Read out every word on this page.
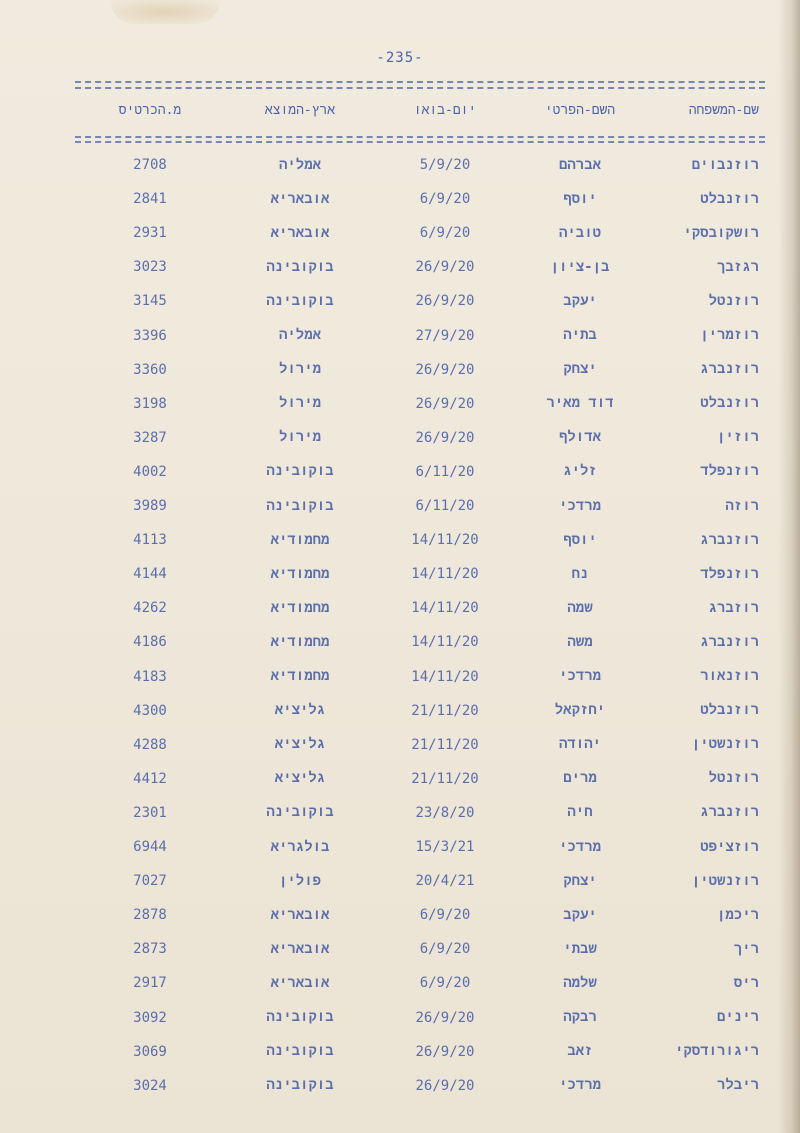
-235-
שם-המשפחה
השם-הפרטי
יום-בואו
ארץ-המוצא
מ.הכרטיס
רוזנבוים
אברהם
5/9/20
אמליה
2708
רוזנבלט
יוסף
6/9/20
אובאריא
2841
רושקובסקי
טוביה
6/9/20
אובאריא
2931
רגזבך
בן-ציון
26/9/20
בוקובינה
3023
רוזנטל
יעקב
26/9/20
בוקובינה
3145
רוזמרין
בתיה
27/9/20
אמליה
3396
רוזנברג
יצחק
26/9/20
מירול
3360
רוזנבלט
דוד מאיר
26/9/20
מירול
3198
רוזין
אדולף
26/9/20
מירול
3287
רוזנפלד
זליג
6/11/20
בוקובינה
4002
רוזה
מרדכי
6/11/20
בוקובינה
3989
רוזנברג
יוסף
14/11/20
מחמודיא
4113
רוזנפלד
נח
14/11/20
מחמודיא
4144
רוזברג
שמה
14/11/20
מחמודיא
4262
רוזנברג
משה
14/11/20
מחמודיא
4186
רוזנאור
מרדכי
14/11/20
מחמודיא
4183
רוזנבלט
יחזקאל
21/11/20
גליציא
4300
רוזנשטין
יהודה
21/11/20
גליציא
4288
רוזנטל
מרים
21/11/20
גליציא
4412
רוזנברג
חיה
23/8/20
בוקובינה
2301
רוזציפט
מרדכי
15/3/21
בולגריא
6944
רוזנשטין
יצחק
20/4/21
פולין
7027
ריכמן
יעקב
6/9/20
אובאריא
2878
ריך
שבתי
6/9/20
אובאריא
2873
ריס
שלמה
6/9/20
אובאריא
2917
רינים
רבקה
26/9/20
בוקובינה
3092
ריגורודסקי
זאב
26/9/20
בוקובינה
3069
ריבלר
מרדכי
26/9/20
בוקובינה
3024
